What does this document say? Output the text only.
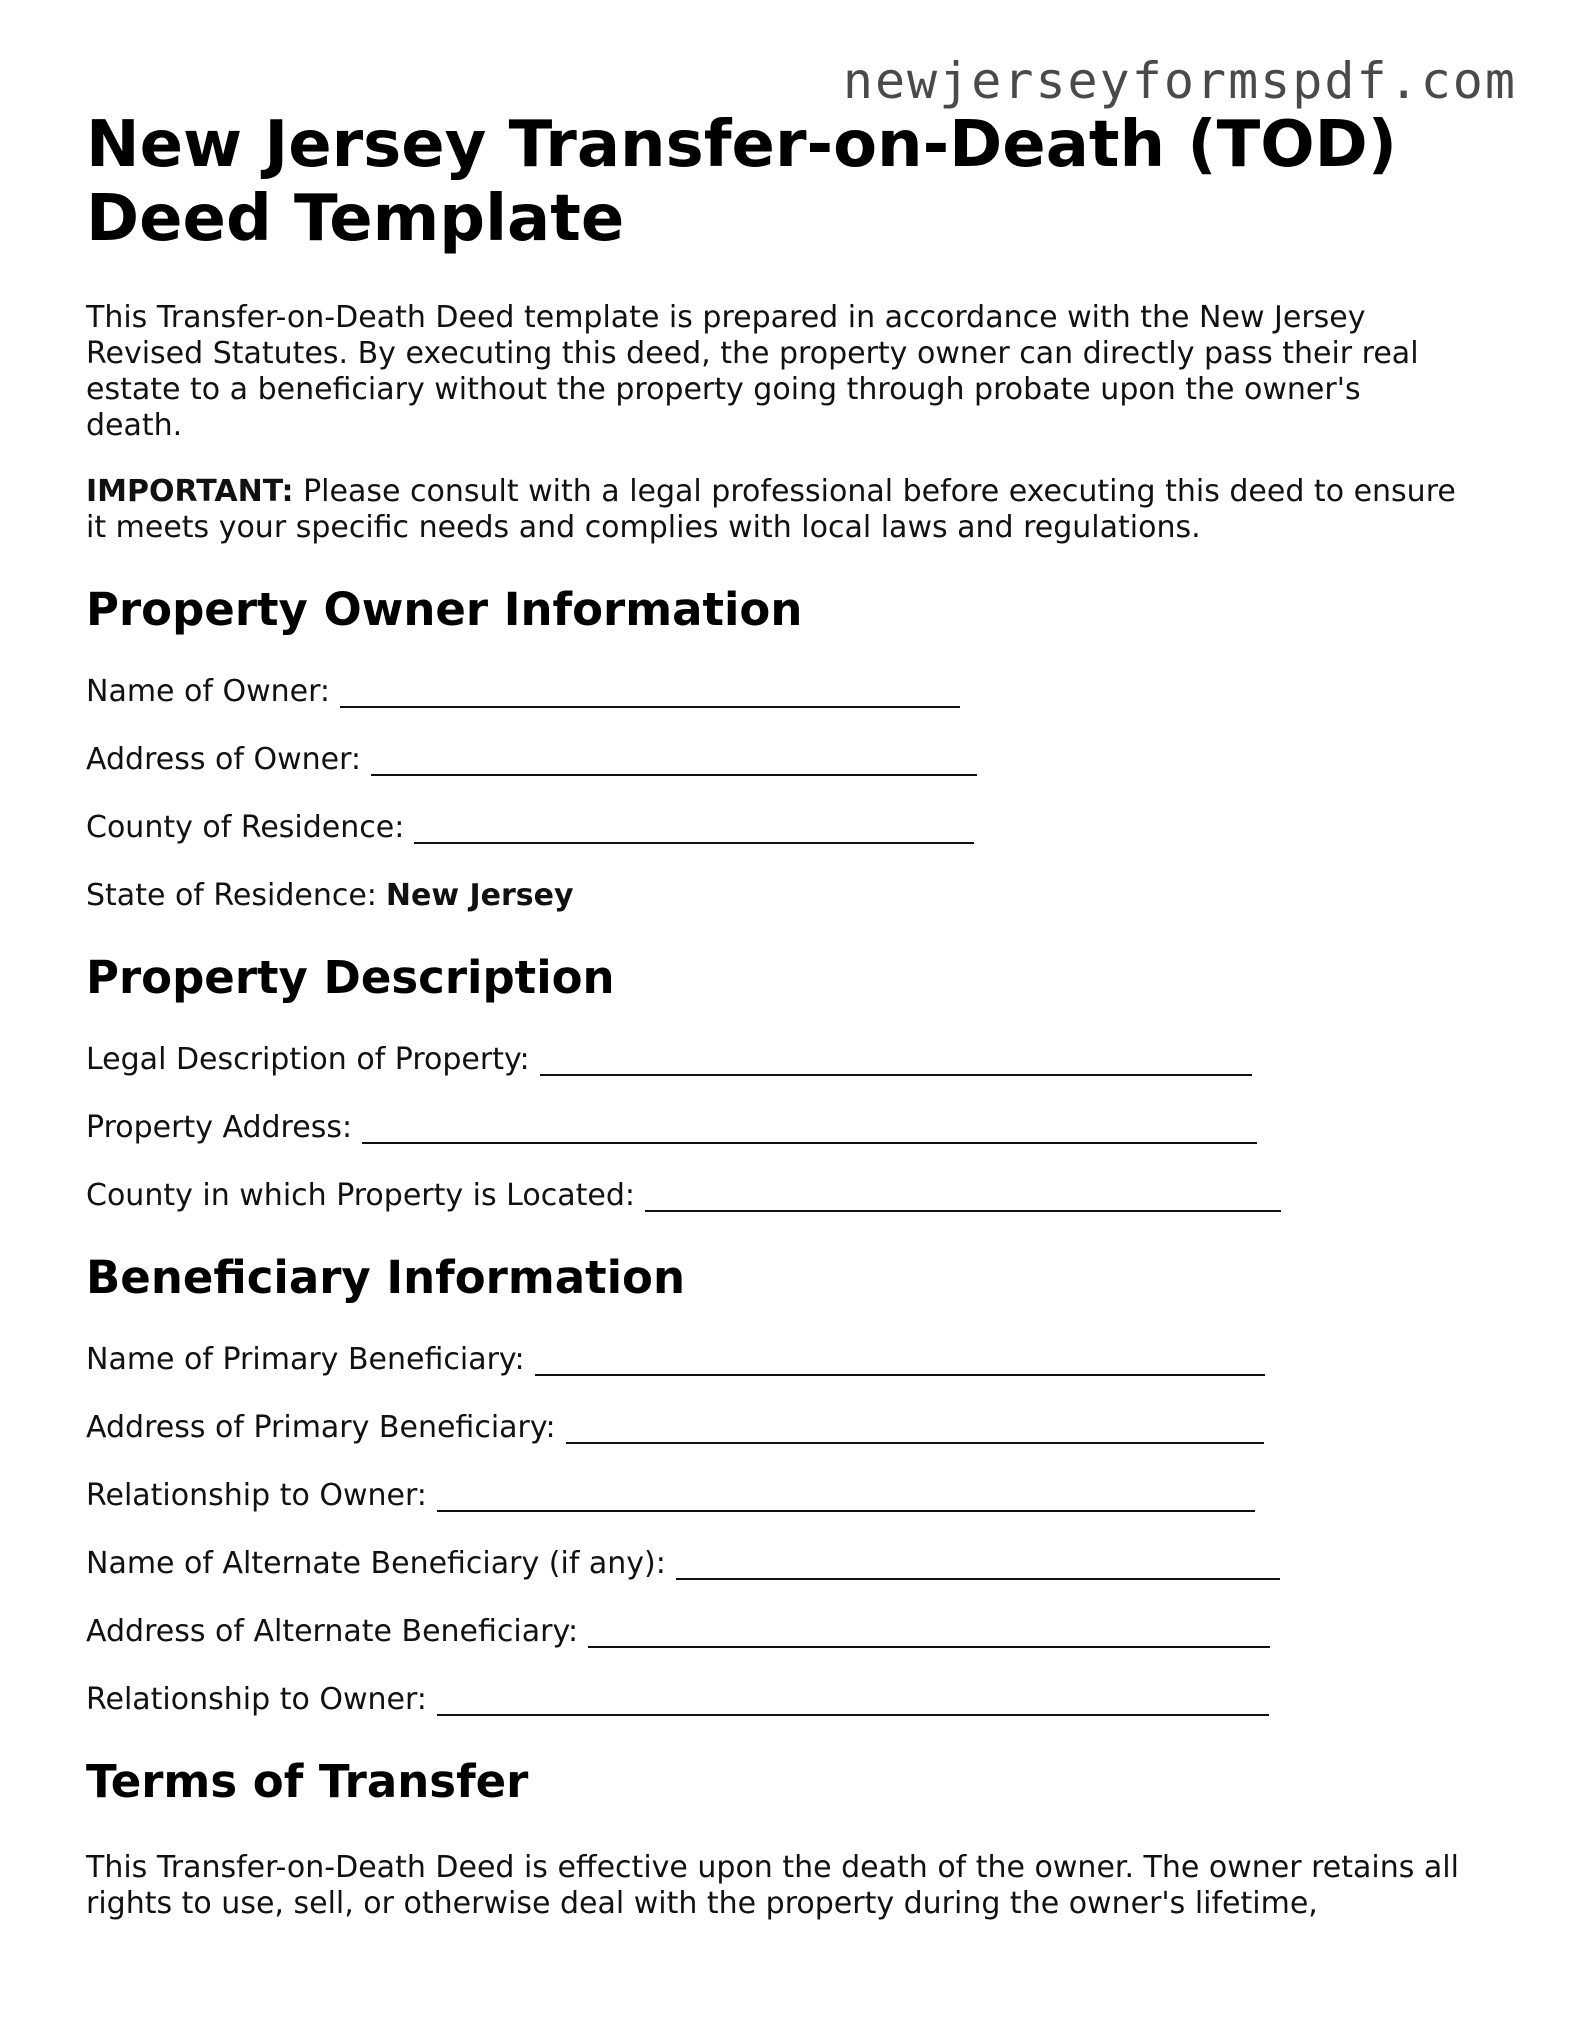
newjerseyformspdf.com
New Jersey Transfer-on-Death (TOD) Deed Template

This Transfer-on-Death Deed template is prepared in accordance with the New Jersey Revised Statutes. By executing this deed, the property owner can directly pass their real estate to a beneficiary without the property going through probate upon the owner's death.

IMPORTANT: Please consult with a legal professional before executing this deed to ensure it meets your specific needs and complies with local laws and regulations.

Property Owner Information
Name of Owner:
Address of Owner:
County of Residence:
State of Residence: New Jersey
Property Description
Legal Description of Property:
Property Address:
County in which Property is Located:
Beneficiary Information
Name of Primary Beneficiary:
Address of Primary Beneficiary:
Relationship to Owner:
Name of Alternate Beneficiary (if any):
Address of Alternate Beneficiary:
Relationship to Owner:
Terms of Transfer

This Transfer-on-Death Deed is effective upon the death of the owner. The owner retains all rights to use, sell, or otherwise deal with the property during the owner's lifetime,
